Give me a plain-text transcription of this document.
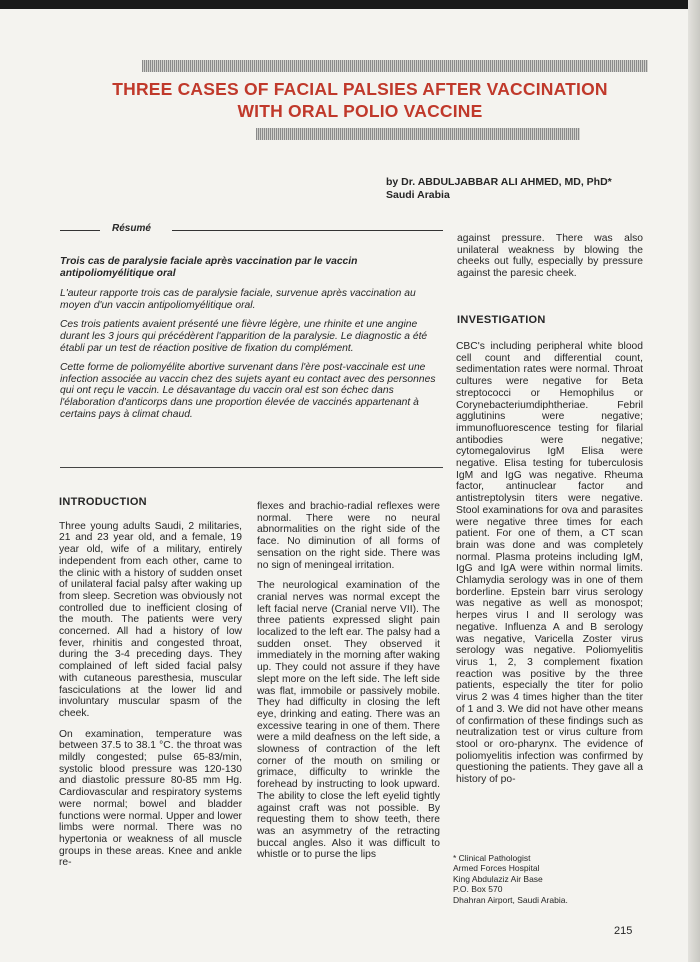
THREE CASES OF FACIAL PALSIES AFTER VACCINATION
WITH ORAL POLIO VACCINE
by Dr. ABDULJABBAR ALI AHMED, MD, PhD*
Saudi Arabia
Résumé

Trois cas de paralysie faciale après vaccination par le vaccin antipoliomyélitique oral

L'auteur rapporte trois cas de paralysie faciale, survenue après vaccination au moyen d'un vaccin antipoliomyélitique oral.

Ces trois patients avaient présenté une fièvre légère, une rhinite et une angine durant les 3 jours qui précédèrent l'apparition de la paralysie. Le diagnostic a été établi par un test de réaction positive de fixation du complément.

Cette forme de poliomyélite abortive survenant dans l'ère post-vaccinale est une infection associée au vaccin chez des sujets ayant eu contact avec des personnes qui ont reçu le vaccin. Le désavantage du vaccin oral est son échec dans l'élaboration d'anticorps dans une proportion élevée de vaccinés appartenant à certains pays à climat chaud.

INTRODUCTION

Three young adults Saudi, 2 militaries, 21 and 23 year old, and a female, 19 year old, wife of a military, entirely independent from each other, came to the clinic with a history of sudden onset of unilateral facial palsy after waking up from sleep. Secretion was obviously not controlled due to inefficient closing of the mouth. The patients were very concerned. All had a history of low fever, rhinitis and congested throat, during the 3-4 preceding days. They complained of left sided facial palsy with cutaneous paresthesia, muscular fasciculations at the lower lid and involuntary muscular spasm of the cheek.

On examination, temperature was between 37.5 to 38.1 °C. the throat was mildly congested; pulse 65-83/min, systolic blood pressure was 120-130 and diastolic pressure 80-85 mm Hg. Cardiovascular and respiratory systems were normal; bowel and bladder functions were normal. Upper and lower limbs were normal. There was no hypertonia or weakness of all muscle groups in these areas. Knee and ankle re-

flexes and brachio-radial reflexes were normal. There were no neural abnormalities on the right side of the face. No diminution of all forms of sensation on the right side. There was no sign of meningeal irritation.

The neurological examination of the cranial nerves was normal except the left facial nerve (Cranial nerve VII). The three patients expressed slight pain localized to the left ear. The palsy had a sudden onset. They observed it immediately in the morning after waking up. They could not assure if they have slept more on the left side. The left side was flat, immobile or passively mobile. They had difficulty in closing the left eye, drinking and eating. There was an excessive tearing in one of them. There were a mild deafness on the left side, a slowness of contraction of the left corner of the mouth on smiling or grimace, difficulty to wrinkle the forehead by instructing to look upward. The ability to close the left eyelid tightly against craft was not possible. By requesting them to show teeth, there was an asymmetry of the retracting buccal angles. Also it was difficult to whistle or to purse the lips

against pressure. There was also unilateral weakness by blowing the cheeks out fully, especially by pressure against the paresic cheek.

INVESTIGATION

CBC's including peripheral white blood cell count and differential count, sedimentation rates were normal. Throat cultures were negative for Beta streptococci or Hemophilus or Corynebacteriumdiphtheriae. Febril agglutinins were negative; immunofluorescence testing for filarial antibodies were negative; cytomegalovirus IgM Elisa were negative. Elisa testing for tuberculosis IgM and IgG was negative. Rheuma factor, antinuclear factor and antistreptolysin titers were negative. Stool examinations for ova and parasites were negative three times for each patient. For one of them, a CT scan brain was done and was completely normal. Plasma proteins including IgM, IgG and IgA were within normal limits. Chlamydia serology was in one of them borderline. Epstein barr virus serology was negative as well as monospot; herpes virus I and II serology was negative. Influenza A and B serology was negative, Varicella Zoster virus serology was negative. Poliomyelitis virus 1, 2, 3 complement fixation reaction was positive by the three patients, especially the titer for polio virus 2 was 4 times higher than the titer of 1 and 3. We did not have other means of confirmation of these findings such as neutralization test or virus culture from stool or oro-pharynx. The evidence of poliomyelitis infection was confirmed by questioning the patients. They gave all a history of po-

* Clinical Pathologist
Armed Forces Hospital
King Abdulaziz Air Base
P.O. Box 570
Dhahran Airport, Saudi Arabia.
215
